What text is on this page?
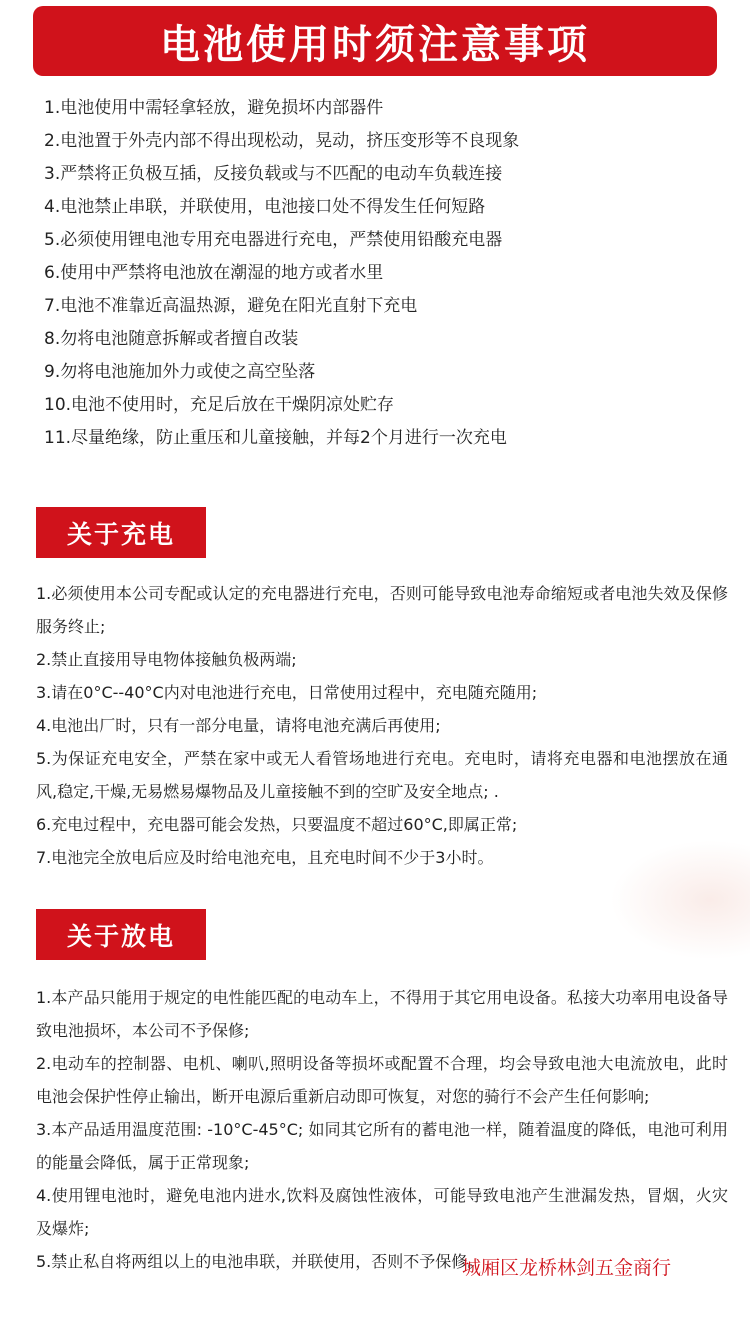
电池使用时须注意事项
1.电池使用中需轻拿轻放，避免损坏内部器件
2.电池置于外壳内部不得出现松动，晃动，挤压变形等不良现象
3.严禁将正负极互插，反接负载或与不匹配的电动车负载连接
4.电池禁止串联，并联使用，电池接口处不得发生任何短路
5.必须使用锂电池专用充电器进行充电，严禁使用铅酸充电器
6.使用中严禁将电池放在潮湿的地方或者水里
7.电池不准靠近高温热源，避免在阳光直射下充电
8.勿将电池随意拆解或者擅自改装
9.勿将电池施加外力或使之高空坠落
10.电池不使用时，充足后放在干燥阴凉处贮存
11.尽量绝缘，防止重压和儿童接触，并每2个月进行一次充电
关于充电

1.必须使用本公司专配或认定的充电器进行充电，否则可能导致电池寿命缩短或者电池失效及保修服务终止;

2.禁止直接用导电物体接触负极两端;

3.请在0°C--40°C内对电池进行充电，日常使用过程中，充电随充随用;

4.电池出厂时，只有一部分电量，请将电池充满后再使用;

5.为保证充电安全，严禁在家中或无人看管场地进行充电。充电时，请将充电器和电池摆放在通风,稳定,干燥,无易燃易爆物品及儿童接触不到的空旷及安全地点; .

6.充电过程中，充电器可能会发热，只要温度不超过60°C,即属正常;

7.电池完全放电后应及时给电池充电，且充电时间不少于3小时。

关于放电

1.本产品只能用于规定的电性能匹配的电动车上，不得用于其它用电设备。私接大功率用电设备导致电池损坏，本公司不予保修;

2.电动车的控制器、电机、喇叭,照明设备等损坏或配置不合理，均会导致电池大电流放电，此时电池会保护性停止输出，断开电源后重新启动即可恢复，对您的骑行不会产生任何影响;

3.本产品适用温度范围: -10°C-45°C; 如同其它所有的蓄电池一样，随着温度的降低，电池可利用的能量会降低，属于正常现象;

4.使用锂电池时，避免电池内进水,饮料及腐蚀性液体，可能导致电池产生泄漏发热，冒烟，火灾及爆炸;

5.禁止私自将两组以上的电池串联，并联使用，否则不予保修。

城厢区龙桥林剑五金商行
